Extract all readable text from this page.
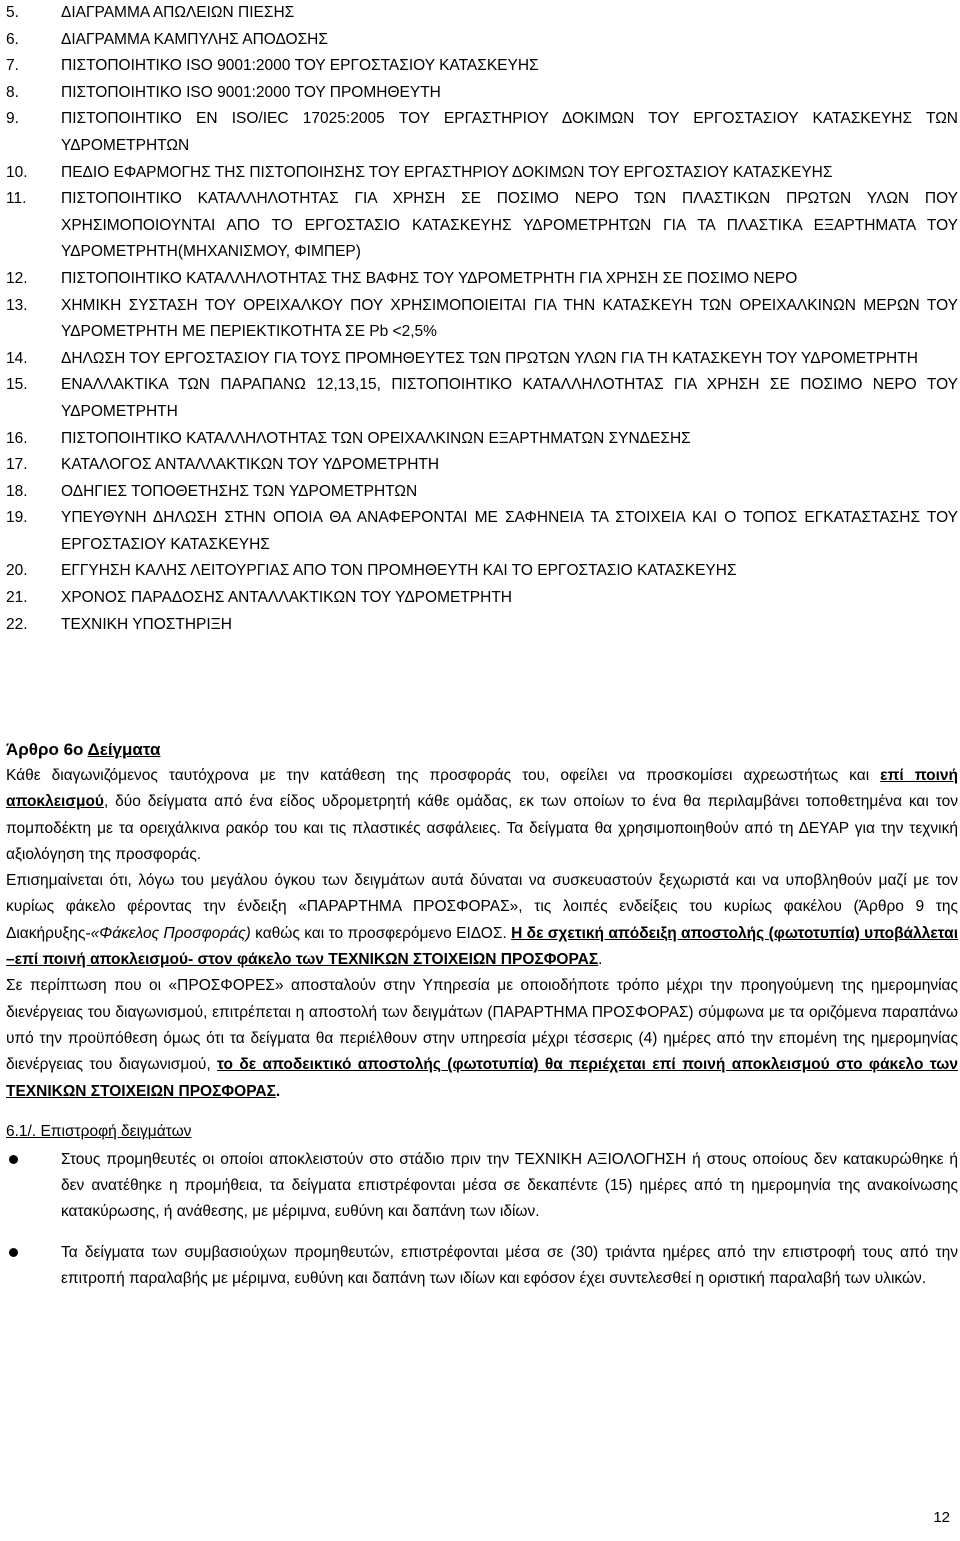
5.	ΔΙΑΓΡΑΜΜΑ ΑΠΩΛΕΙΩΝ ΠΙΕΣΗΣ
6.	ΔΙΑΓΡΑΜΜΑ ΚΑΜΠΥΛΗΣ ΑΠΟΔΟΣΗΣ
7.	ΠΙΣΤΟΠΟΙΗΤΙΚΟ ISO 9001:2000 ΤΟΥ ΕΡΓΟΣΤΑΣΙΟΥ ΚΑΤΑΣΚΕΥΗΣ
8.	ΠΙΣΤΟΠΟΙΗΤΙΚΟ ISO 9001:2000 ΤΟΥ ΠΡΟΜΗΘΕΥΤΗ
9.	ΠΙΣΤΟΠΟΙΗΤΙΚΟ ΕΝ ISO/IEC 17025:2005 ΤΟΥ ΕΡΓΑΣΤΗΡΙΟΥ ΔΟΚΙΜΩΝ ΤΟΥ ΕΡΓΟΣΤΑΣΙΟΥ ΚΑΤΑΣΚΕΥΗΣ ΤΩΝ ΥΔΡΟΜΕΤΡΗΤΩΝ
10. ΠΕΔΙΟ ΕΦΑΡΜΟΓΗΣ ΤΗΣ ΠΙΣΤΟΠΟΙΗΣΗΣ ΤΟΥ ΕΡΓΑΣΤΗΡΙΟΥ ΔΟΚΙΜΩΝ ΤΟΥ ΕΡΓΟΣΤΑΣΙΟΥ ΚΑΤΑΣΚΕΥΗΣ
11. ΠΙΣΤΟΠΟΙΗΤΙΚΟ ΚΑΤΑΛΛΗΛΟΤΗΤΑΣ ΓΙΑ ΧΡΗΣΗ ΣΕ ΠΟΣΙΜΟ ΝΕΡΟ ΤΩΝ ΠΛΑΣΤΙΚΩΝ ΠΡΩΤΩΝ ΥΛΩΝ ΠΟΥ ΧΡΗΣΙΜΟΠΟΙΟΥΝΤΑΙ ΑΠΟ ΤΟ ΕΡΓΟΣΤΑΣΙΟ ΚΑΤΑΣΚΕΥΗΣ ΥΔΡΟΜΕΤΡΗΤΩΝ ΓΙΑ ΤΑ ΠΛΑΣΤΙΚΑ ΕΞΑΡΤΗΜΑΤΑ ΤΟΥ ΥΔΡΟΜΕΤΡΗΤΗ(ΜΗΧΑΝΙΣΜΟΥ, ΦΙΜΠΕΡ)
12. ΠΙΣΤΟΠΟΙΗΤΙΚΟ ΚΑΤΑΛΛΗΛΟΤΗΤΑΣ ΤΗΣ ΒΑΦΗΣ ΤΟΥ ΥΔΡΟΜΕΤΡΗΤΗ ΓΙΑ ΧΡΗΣΗ ΣΕ ΠΟΣΙΜΟ ΝΕΡΟ
13. ΧΗΜΙΚΗ ΣΥΣΤΑΣΗ ΤΟΥ ΟΡΕΙΧΑΛΚΟΥ ΠΟΥ ΧΡΗΣΙΜΟΠΟΙΕΙΤΑΙ ΓΙΑ ΤΗΝ ΚΑΤΑΣΚΕΥΗ ΤΩΝ ΟΡΕΙΧΑΛΚΙΝΩΝ ΜΕΡΩΝ ΤΟΥ ΥΔΡΟΜΕΤΡΗΤΗ ΜΕ ΠΕΡΙΕΚΤΙΚΟΤΗΤΑ ΣΕ Pb <2,5%
14. ΔΗΛΩΣΗ ΤΟΥ ΕΡΓΟΣΤΑΣΙΟΥ ΓΙΑ ΤΟΥΣ ΠΡΟΜΗΘΕΥΤΕΣ ΤΩΝ ΠΡΩΤΩΝ ΥΛΩΝ ΓΙΑ ΤΗ ΚΑΤΑΣΚΕΥΗ ΤΟΥ ΥΔΡΟΜΕΤΡΗΤΗ
15. ΕΝΑΛΛΑΚΤΙΚΑ ΤΩΝ ΠΑΡΑΠΑΝΩ 12,13,15, ΠΙΣΤΟΠΟΙΗΤΙΚΟ ΚΑΤΑΛΛΗΛΟΤΗΤΑΣ ΓΙΑ ΧΡΗΣΗ ΣΕ ΠΟΣΙΜΟ ΝΕΡΟ ΤΟΥ ΥΔΡΟΜΕΤΡΗΤΗ
16. ΠΙΣΤΟΠΟΙΗΤΙΚΟ ΚΑΤΑΛΛΗΛΟΤΗΤΑΣ ΤΩΝ ΟΡΕΙΧΑΛΚΙΝΩΝ ΕΞΑΡΤΗΜΑΤΩΝ ΣΥΝΔΕΣΗΣ
17. ΚΑΤΑΛΟΓΟΣ ΑΝΤΑΛΛΑΚΤΙΚΩΝ ΤΟΥ ΥΔΡΟΜΕΤΡΗΤΗ
18. ΟΔΗΓΙΕΣ ΤΟΠΟΘΕΤΗΣΗΣ ΤΩΝ ΥΔΡΟΜΕΤΡΗΤΩΝ
19. ΥΠΕΥΘΥΝΗ ΔΗΛΩΣΗ ΣΤΗΝ ΟΠΟΙΑ ΘΑ ΑΝΑΦΕΡΟΝΤΑΙ ΜΕ ΣΑΦΗΝΕΙΑ ΤΑ ΣΤΟΙΧΕΙΑ ΚΑΙ Ο ΤΟΠΟΣ ΕΓΚΑΤΑΣΤΑΣΗΣ ΤΟΥ ΕΡΓΟΣΤΑΣΙΟΥ ΚΑΤΑΣΚΕΥΗΣ
20. ΕΓΓΥΗΣΗ ΚΑΛΗΣ ΛΕΙΤΟΥΡΓΙΑΣ ΑΠΟ ΤΟΝ ΠΡΟΜΗΘΕΥΤΗ ΚΑΙ ΤΟ ΕΡΓΟΣΤΑΣΙΟ ΚΑΤΑΣΚΕΥΗΣ
21. ΧΡΟΝΟΣ ΠΑΡΑΔΟΣΗΣ ΑΝΤΑΛΛΑΚΤΙΚΩΝ ΤΟΥ ΥΔΡΟΜΕΤΡΗΤΗ
22. ΤΕΧΝΙΚΗ ΥΠΟΣΤΗΡΙΞΗ

Άρθρο 6ο Δείγματα

Κάθε διαγωνιζόμενος ταυτόχρονα με την κατάθεση της προσφοράς του, οφείλει να προσκομίσει αχρεωστήτως και επί ποινή αποκλεισμού, δύο δείγματα από ένα είδος υδρομετρητή κάθε ομάδας, εκ των οποίων το ένα θα περιλαμβάνει τοποθετημένα και τον πομποδέκτη με τα ορειχάλκινα ρακόρ του και τις πλαστικές ασφάλειες. Τα δείγματα θα χρησιμοποιηθούν από τη ΔΕΥΑΡ για την τεχνική αξιολόγηση της προσφοράς.

Επισημαίνεται ότι, λόγω του μεγάλου όγκου των δειγμάτων αυτά δύναται να συσκευαστούν ξεχωριστά και να υποβληθούν μαζί με τον κυρίως φάκελο φέροντας την ένδειξη «ΠΑΡΑΡΤΗΜΑ ΠΡΟΣΦΟΡΑΣ», τις λοιπές ενδείξεις του κυρίως φακέλου (Άρθρο 9 της Διακήρυξης-«Φάκελος Προσφοράς) καθώς και το προσφερόμενο ΕΙΔΟΣ. Η δε σχετική απόδειξη αποστολής (φωτοτυπία) υποβάλλεται –επί ποινή αποκλεισμού- στον φάκελο των ΤΕΧΝΙΚΩΝ ΣΤΟΙΧΕΙΩΝ ΠΡΟΣΦΟΡΑΣ.

Σε περίπτωση που οι «ΠΡΟΣΦΟΡΕΣ» αποσταλούν στην Υπηρεσία με οποιοδήποτε τρόπο μέχρι την προηγούμενη της ημερομηνίας διενέργειας του διαγωνισμού, επιτρέπεται η αποστολή των δειγμάτων (ΠΑΡΑΡΤΗΜΑ ΠΡΟΣΦΟΡΑΣ) σύμφωνα με τα οριζόμενα παραπάνω υπό την προϋπόθεση όμως ότι τα δείγματα θα περιέλθουν στην υπηρεσία μέχρι τέσσερις (4) ημέρες από την επομένη της ημερομηνίας διενέργειας του διαγωνισμού, το δε αποδεικτικό αποστολής (φωτοτυπία) θα περιέχεται επί ποινή αποκλεισμού στο φάκελο των ΤΕΧΝΙΚΩΝ ΣΤΟΙΧΕΙΩΝ ΠΡΟΣΦΟΡΑΣ.

6.1/. Επιστροφή δειγμάτων
Στους προμηθευτές οι οποίοι αποκλειστούν στο στάδιο πριν την ΤΕΧΝΙΚΗ ΑΞΙΟΛΟΓΗΣΗ ή στους οποίους δεν κατακυρώθηκε ή δεν ανατέθηκε η προμήθεια, τα δείγματα επιστρέφονται μέσα σε δεκαπέντε (15) ημέρες από τη ημερομηνία της ανακοίνωσης κατακύρωσης, ή ανάθεσης, με μέριμνα, ευθύνη και δαπάνη των ιδίων.
Τα δείγματα των συμβασιούχων προμηθευτών, επιστρέφονται μέσα σε (30) τριάντα ημέρες από την επιστροφή τους από την επιτροπή παραλαβής με μέριμνα, ευθύνη και δαπάνη των ιδίων και εφόσον έχει συντελεσθεί η οριστική παραλαβή των υλικών.
12
